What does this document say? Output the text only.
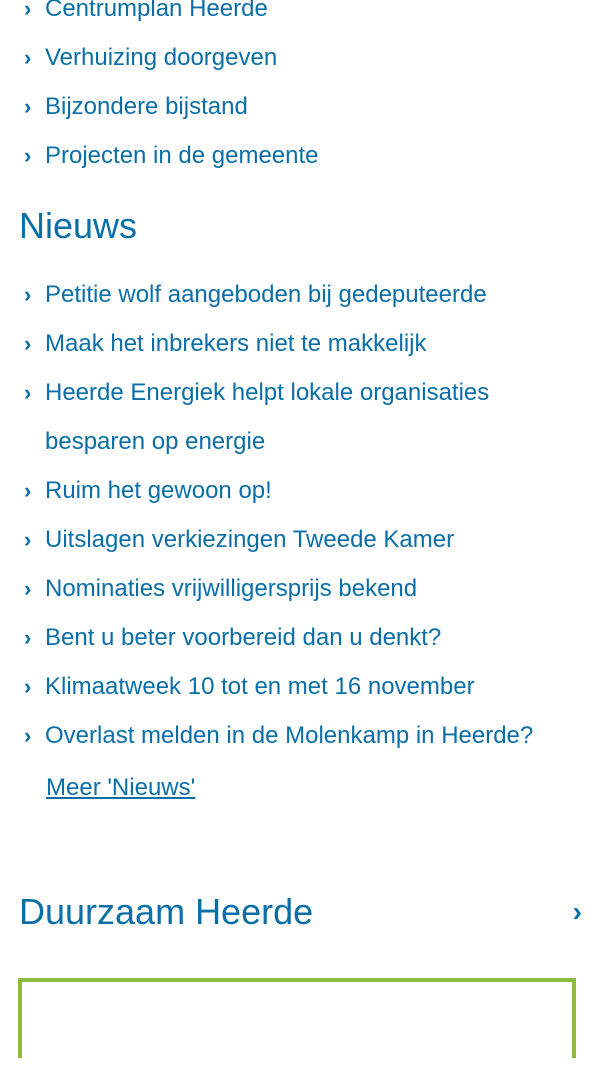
› Centrumplan Heerde
› Verhuizing doorgeven
› Bijzondere bijstand
› Projecten in de gemeente
Nieuws
› Petitie wolf aangeboden bij gedeputeerde
› Maak het inbrekers niet te makkelijk
› Heerde Energiek helpt lokale organisaties besparen op energie
› Ruim het gewoon op!
› Uitslagen verkiezingen Tweede Kamer
› Nominaties vrijwilligersprijs bekend
› Bent u beter voorbereid dan u denkt?
› Klimaatweek 10 tot en met 16 november
› Overlast melden in de Molenkamp in Heerde?
Meer 'Nieuws'
Duurzaam Heerde	›
